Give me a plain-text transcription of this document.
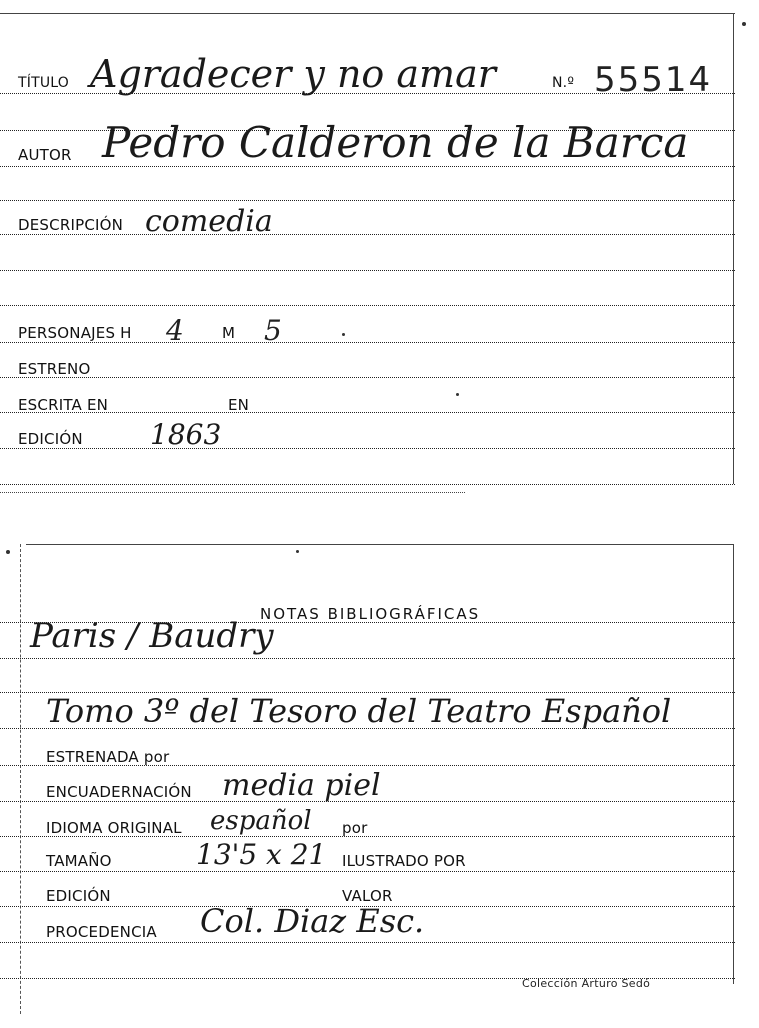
TÍTULO Agradecer y no amar	N.º 55514
AUTOR Pedro Calderon de la Barca
DESCRIPCIÓN comedia
PERSONAJES H 4	M 5
ESTRENO
ESCRITA EN	EN
EDICIÓN 1863
NOTAS BIBLIOGRÁFICAS
Paris / Baudry
Tomo 3º del Tesoro del Teatro Español
ESTRENADA por
ENCUADERNACIÓN media piel
IDIOMA ORIGINAL español por
TAMAÑO	13'5 x 21 ILUSTRADO POR
EDICIÓN	VALOR
PROCEDENCIA Col. Diaz Esc.
Colección Arturo Sedó
